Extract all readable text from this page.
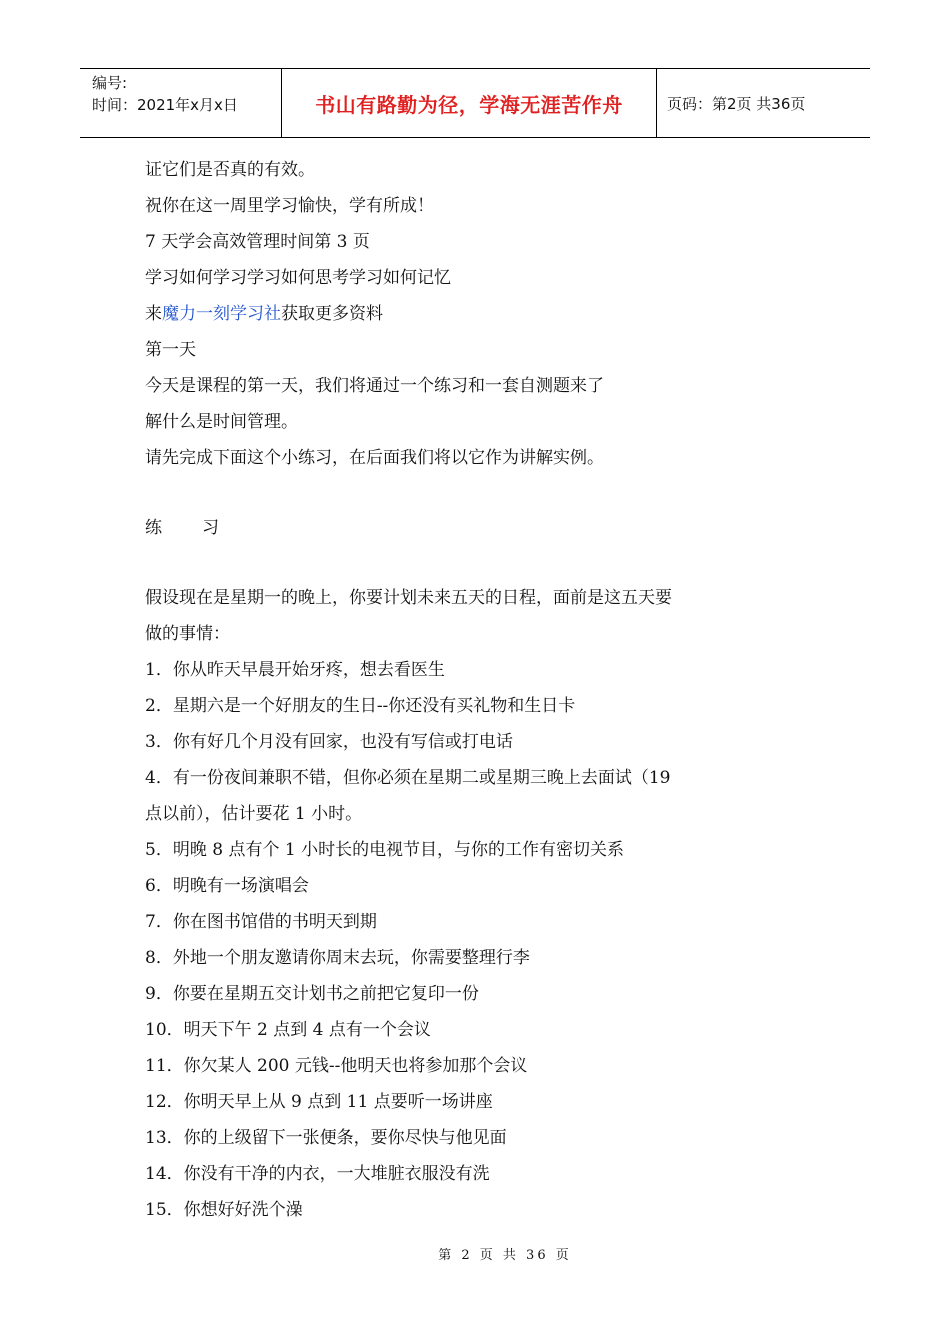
编号:
时间：2021年x月x日	书山有路勤为径，学海无涯苦作舟	页码：第2页 共36页

证它们是否真的有效。

祝你在这一周里学习愉快，学有所成！

7 天学会高效管理时间第 3 页

学习如何学习学习如何思考学习如何记忆

来魔力一刻学习社获取更多资料

第一天

今天是课程的第一天，我们将通过一个练习和一套自测题来了

解什么是时间管理。

请先完成下面这个小练习，在后面我们将以它作为讲解实例。

练 习

假设现在是星期一的晚上，你要计划未来五天的日程，面前是这五天要

做的事情：

1．你从昨天早晨开始牙疼，想去看医生

2．星期六是一个好朋友的生日--你还没有买礼物和生日卡

3．你有好几个月没有回家，也没有写信或打电话

4．有一份夜间兼职不错，但你必须在星期二或星期三晚上去面试（19

点以前），估计要花 1 小时。

5．明晚 8 点有个 1 小时长的电视节目，与你的工作有密切关系

6．明晚有一场演唱会

7．你在图书馆借的书明天到期

8．外地一个朋友邀请你周末去玩，你需要整理行李

9．你要在星期五交计划书之前把它复印一份

10．明天下午 2 点到 4 点有一个会议

11．你欠某人 200 元钱--他明天也将参加那个会议

12．你明天早上从 9 点到 11 点要听一场讲座

13．你的上级留下一张便条，要你尽快与他见面

14．你没有干净的内衣，一大堆脏衣服没有洗

15．你想好好洗个澡

第 2 页 共 36 页
